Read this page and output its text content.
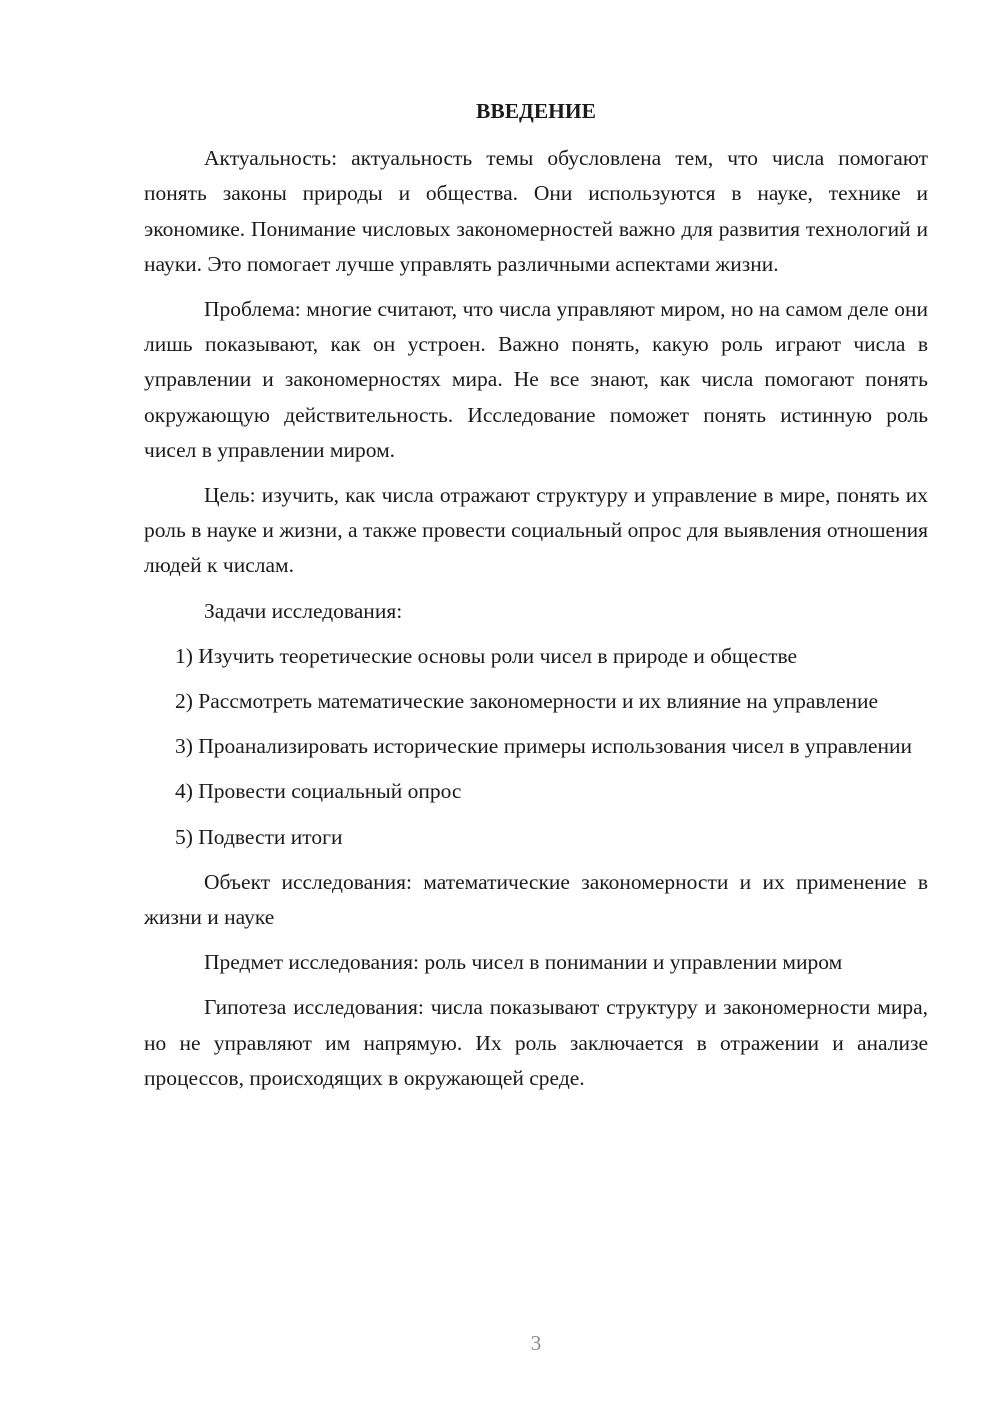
ВВЕДЕНИЕ

Актуальность: актуальность темы обусловлена тем, что числа помогают понять законы природы и общества. Они используются в науке, технике и экономике. Понимание числовых закономерностей важно для развития технологий и науки. Это помогает лучше управлять различными аспектами жизни.

Проблема: многие считают, что числа управляют миром, но на самом деле они лишь показывают, как он устроен. Важно понять, какую роль играют числа в управлении и закономерностях мира. Не все знают, как числа помогают понять окружающую действительность. Исследование поможет понять истинную роль чисел в управлении миром.

Цель: изучить, как числа отражают структуру и управление в мире, понять их роль в науке и жизни, а также провести социальный опрос для выявления отношения людей к числам.

Задачи исследования:

1) Изучить теоретические основы роли чисел в природе и обществе

2) Рассмотреть математические закономерности и их влияние на управление

3) Проанализировать исторические примеры использования чисел в управлении

4) Провести социальный опрос

5) Подвести итоги

Объект исследования: математические закономерности и их применение в жизни и науке

Предмет исследования: роль чисел в понимании и управлении миром

Гипотеза исследования: числа показывают структуру и закономерности мира, но не управляют им напрямую. Их роль заключается в отражении и анализе процессов, происходящих в окружающей среде.

3
